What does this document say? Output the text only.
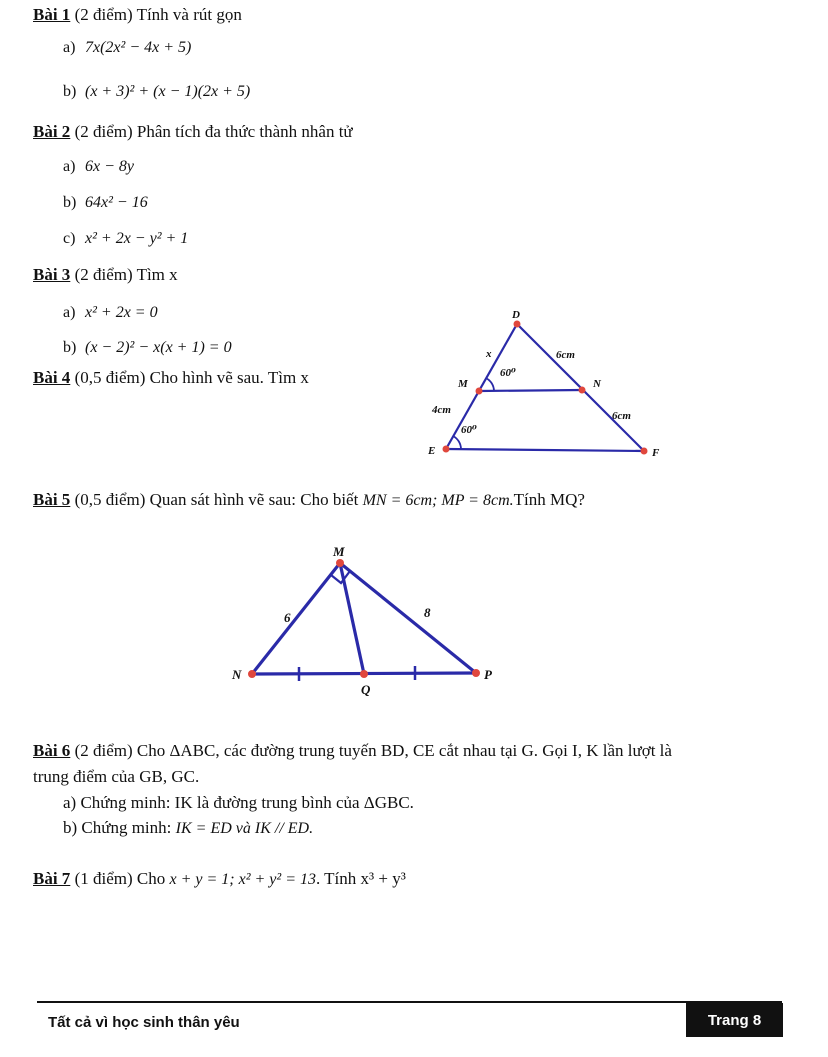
Bài 1 (2 điểm) Tính và rút gọn
a) 7x(2x² − 4x + 5)
b) (x + 3)² + (x − 1)(2x + 5)
Bài 2 (2 điểm) Phân tích đa thức thành nhân tử
a) 6x − 8y
b) 64x² − 16
c) x² + 2x − y² + 1
Bài 3 (2 điểm) Tìm x
a) x² + 2x = 0
b) (x − 2)² − x(x + 1) = 0
Bài 4 (0,5 điểm) Cho hình vẽ sau. Tìm x
D
x	6cm
M
60⁰
N
4cm	6cm
60⁰
E	F
Bài 5 (0,5 điểm) Quan sát hình vẽ sau: Cho biết MN = 6cm; MP = 8cm.Tính MQ?
M
6	8
N	P
Q
Bài 6 (2 điểm) Cho ΔABC, các đường trung tuyến BD, CE cắt nhau tại G. Gọi I, K lần lượt là
trung điểm của GB, GC.
a) Chứng minh: IK là đường trung bình của ΔGBC.
b) Chứng minh: IK = ED và IK // ED.
Bài 7 (1 điểm) Cho x + y = 1; x² + y² = 13. Tính x³ + y³
Tất cả vì học sinh thân yêu	Trang 8
